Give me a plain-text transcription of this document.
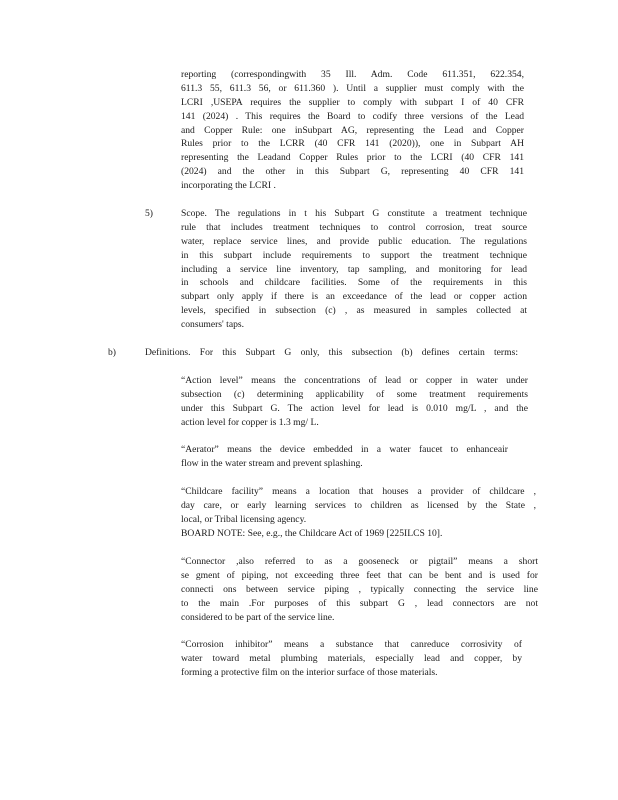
reporting (correspondingwith 35 Ill. Adm. Code 611.351, 622.354,
611.3 55, 611.3 56, or 611.360 ). Until a supplier must comply with the
LCRI ,USEPA requires the supplier to comply with subpart I of 40 CFR
141 (2024) . This requires the Board to codify three versions of the Lead
and Copper Rule: one inSubpart AG, representing the Lead and Copper
Rules prior to the LCRR (40 CFR 141 (2020)), one in Subpart AH
representing the Leadand Copper Rules prior to the LCRI (40 CFR 141
(2024) and the other in this Subpart G, representing 40 CFR 141
incorporating the LCRI .
5)	Scope. The regulations in t his Subpart G constitute a treatment technique
rule that includes treatment techniques to control corrosion, treat source
water, replace service lines, and provide public education. The regulations
in this subpart include requirements to support the treatment technique
including a service line inventory, tap sampling, and monitoring for lead
in schools and childcare facilities. Some of the requirements in this
subpart only apply if there is an exceedance of the lead or copper action
levels, specified in subsection (c) , as measured in samples collected at
consumers' taps.
b)	Definitions. For this Subpart G only, this subsection (b) defines certain terms:
“Action level” means the concentrations of lead or copper in water under
subsection (c) determining applicability of some treatment requirements
under this Subpart G. The action level for lead is 0.010 mg/L , and the
action level for copper is 1.3 mg/ L.
“Aerator” means the device embedded in a water faucet to enhanceair
flow in the water stream and prevent splashing.
“Childcare facility” means a location that houses a provider of childcare ,
day care, or early learning services to children as licensed by the State ,
local, or Tribal licensing agency.
BOARD NOTE: See, e.g., the Childcare Act of 1969 [225ILCS 10].
“Connector ,also referred to as a gooseneck or pigtail” means a short
se gment of piping, not exceeding three feet that can be bent and is used for
connecti ons between service piping , typically connecting the service line
to the main .For purposes of this subpart G , lead connectors are not
considered to be part of the service line.
“Corrosion inhibitor” means a substance that canreduce corrosivity of
water toward metal plumbing materials, especially lead and copper, by
forming a protective film on the interior surface of those materials.
